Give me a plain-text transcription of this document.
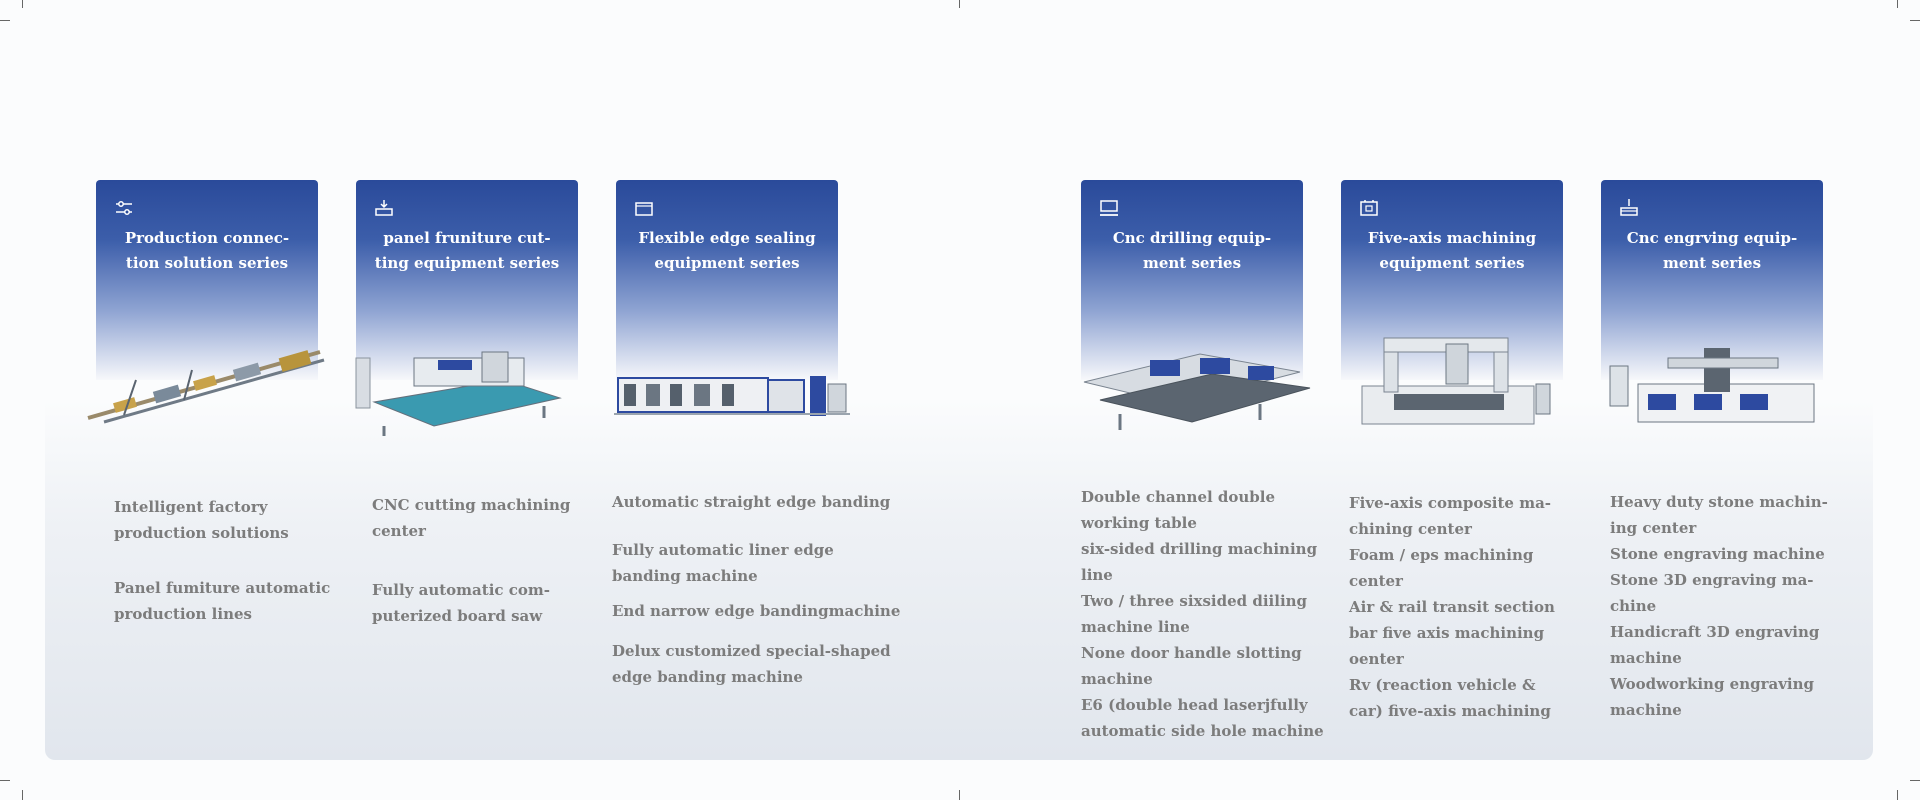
Production connec-
tion solution series
panel fruniture cut-
ting equipment series
Flexible edge sealing
equipment series
Cnc drilling equip-
ment series
Five-axis machining
equipment series
Cnc engrving equip-
ment series
Intelligent factory
production solutions
Panel fumiture automatic
production lines
CNC cutting machining
center
Fully automatic com-
puterized board saw
Automatic straight edge banding
Fully automatic liner edge
banding machine
End narrow edge bandingmachine
Delux customized special-shaped
edge banding machine
Double channel double
working table
six-sided drilling machining
line
Two / three sixsided diiling
machine line
None door handle slotting
machine
E6 (double head laserjfully
automatic side hole machine
Five-axis composite ma-
chining center
Foam / eps machining
center
Air & rail transit section
bar five axis machining
oenter
Rv (reaction vehicle &
car) five-axis machining
Heavy duty stone machin-
ing center
Stone engraving machine
Stone 3D engraving ma-
chine
Handicraft 3D engraving
machine
Woodworking engraving
machine
